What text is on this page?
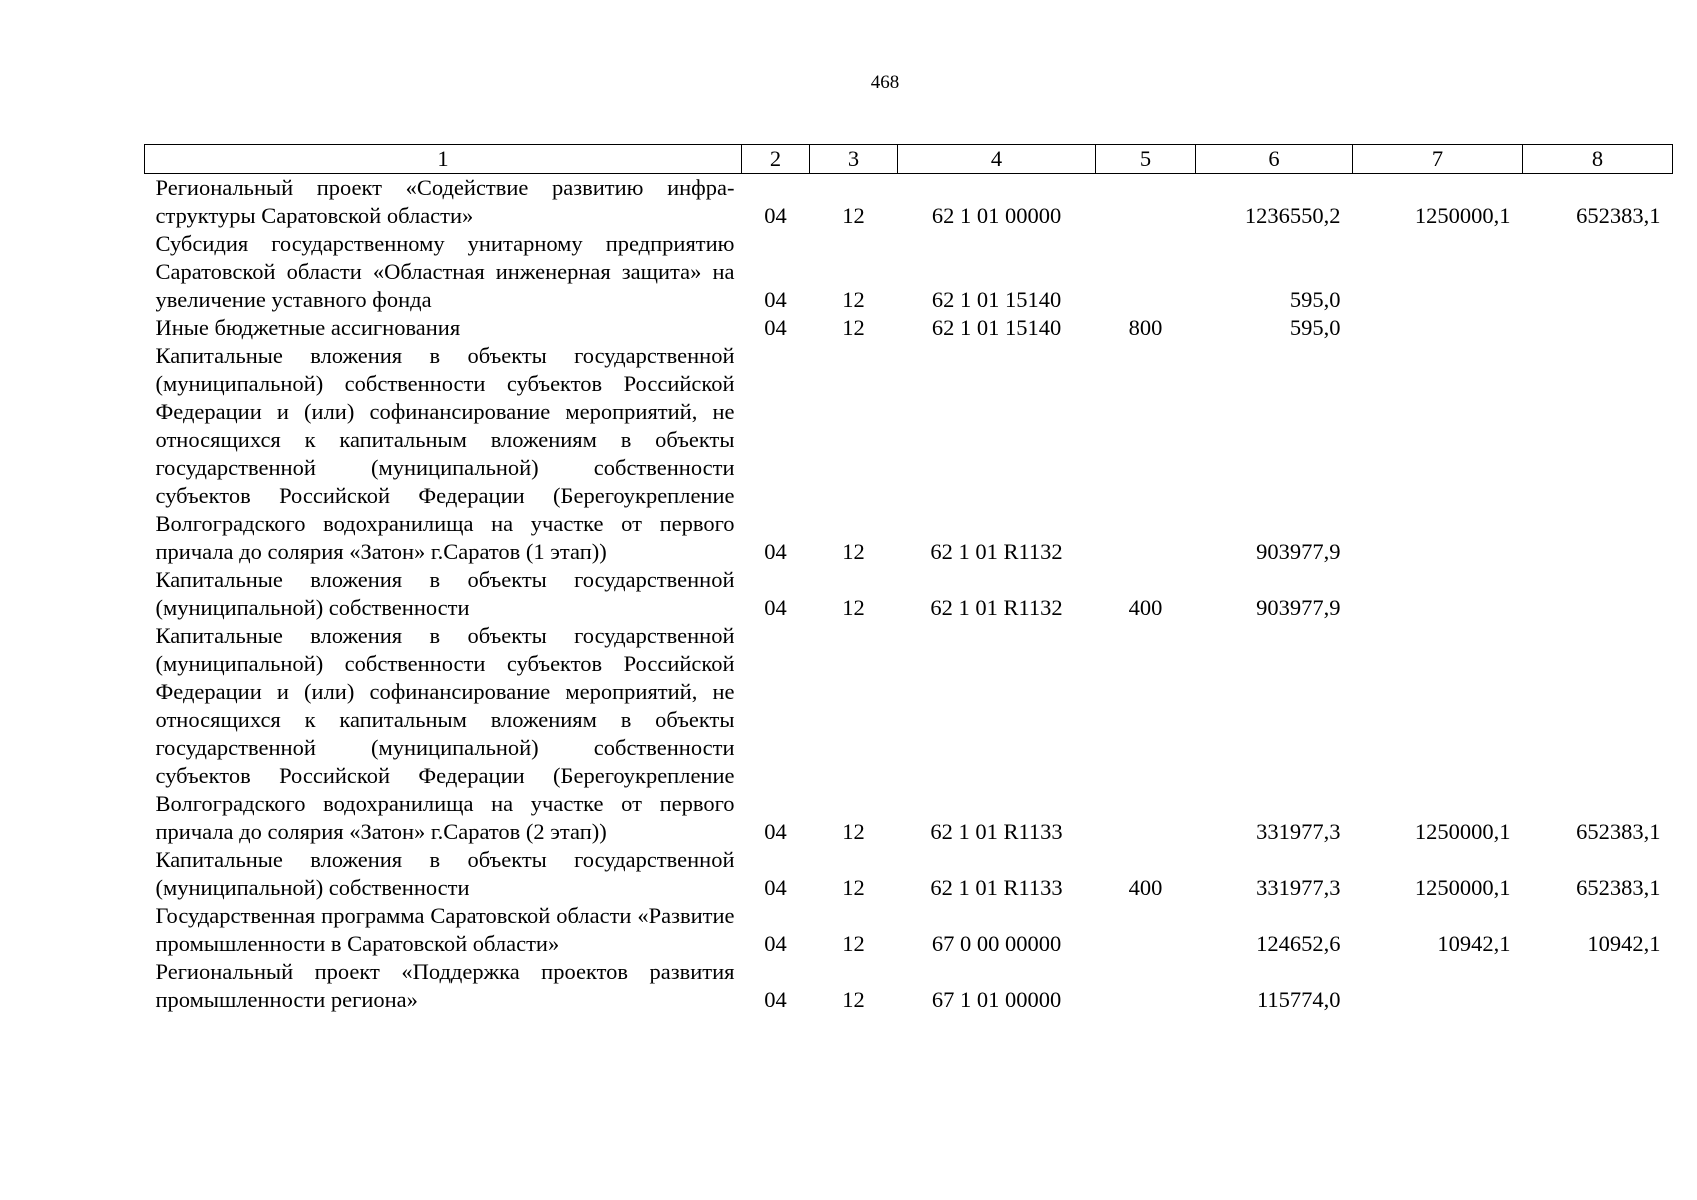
468
1	2	3	4	5	6	7	8
Региональный проект «Содействие развитию инфраструктуры Саратовской области»	04	12	62 1 01 00000		1236550,2	1250000,1	652383,1
Субсидия государственному унитарному предприятию Саратовской области «Областная инженерная защита» на увеличение уставного фонда	04	12	62 1 01 15140		595,0		
Иные бюджетные ассигнования	04	12	62 1 01 15140	800	595,0		
Капитальные вложения в объекты государственной (муниципальной) собственности субъектов Российской Федерации и (или) софинансирование мероприятий, не относящихся к капитальным вложениям в объекты государственной (муниципальной) собственности субъектов Российской Федерации (Берегоукрепление Волгоградского водохранилища на участке от первого причала до солярия «Затон» г.Саратов (1 этап))	04	12	62 1 01 R1132		903977,9		
Капитальные вложения в объекты государственной (муниципальной) собственности	04	12	62 1 01 R1132	400	903977,9		
Капитальные вложения в объекты государственной (муниципальной) собственности субъектов Российской Федерации и (или) софинансирование мероприятий, не относящихся к капитальным вложениям в объекты государственной (муниципальной) собственности субъектов Российской Федерации (Берегоукрепление Волгоградского водохранилища на участке от первого причала до солярия «Затон» г.Саратов (2 этап))	04	12	62 1 01 R1133		331977,3	1250000,1	652383,1
Капитальные вложения в объекты государственной (муниципальной) собственности	04	12	62 1 01 R1133	400	331977,3	1250000,1	652383,1
Государственная программа Саратовской области «Развитие промышленности в Саратовской области»	04	12	67 0 00 00000		124652,6	10942,1	10942,1
Региональный проект «Поддержка проектов развития промышленности региона»	04	12	67 1 01 00000		115774,0		
